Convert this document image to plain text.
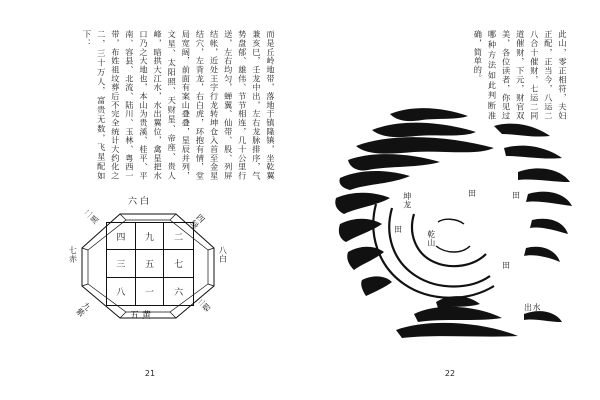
而是丘岭地带，落地于镇隆镇，坐乾翼兼亥巳，壬龙中出，左右龙脉排序，气势盘郁、雄伟、节节相连，几十公里行送，左右均匀，蝉翼、仙带、股、列屏结帐，近处王字行龙转坤仓入首至金星结穴，左背龙，右白虎，环抱有情，堂局宽阔，前面有案山叠叠，星辰并列，文星、太阳照、天财星、帝座、贵人峰，暗拱大江水，水出翼位，禽星把水口乃之大地也，本山为贵溪、桂平、平南、容县、北流、陆川、玉林、粤西一带，布姓祖坟葬后不完全统计大约化之二，三十万人，富贵无数，飞星配如下：
六白
二黑	四绿
七赤	八白
九紫	三碧
五黄
四	九	二
三	五	七
八	一	六
21
此山，零正相符，夫妇正配，正当今，八运二八合十催财，七运二同道催财，下元，财官双美，各位读者，你见过哪种方法如此判断准确，简单的。
坤龙
乾山
田	田
田
田
出水
22
